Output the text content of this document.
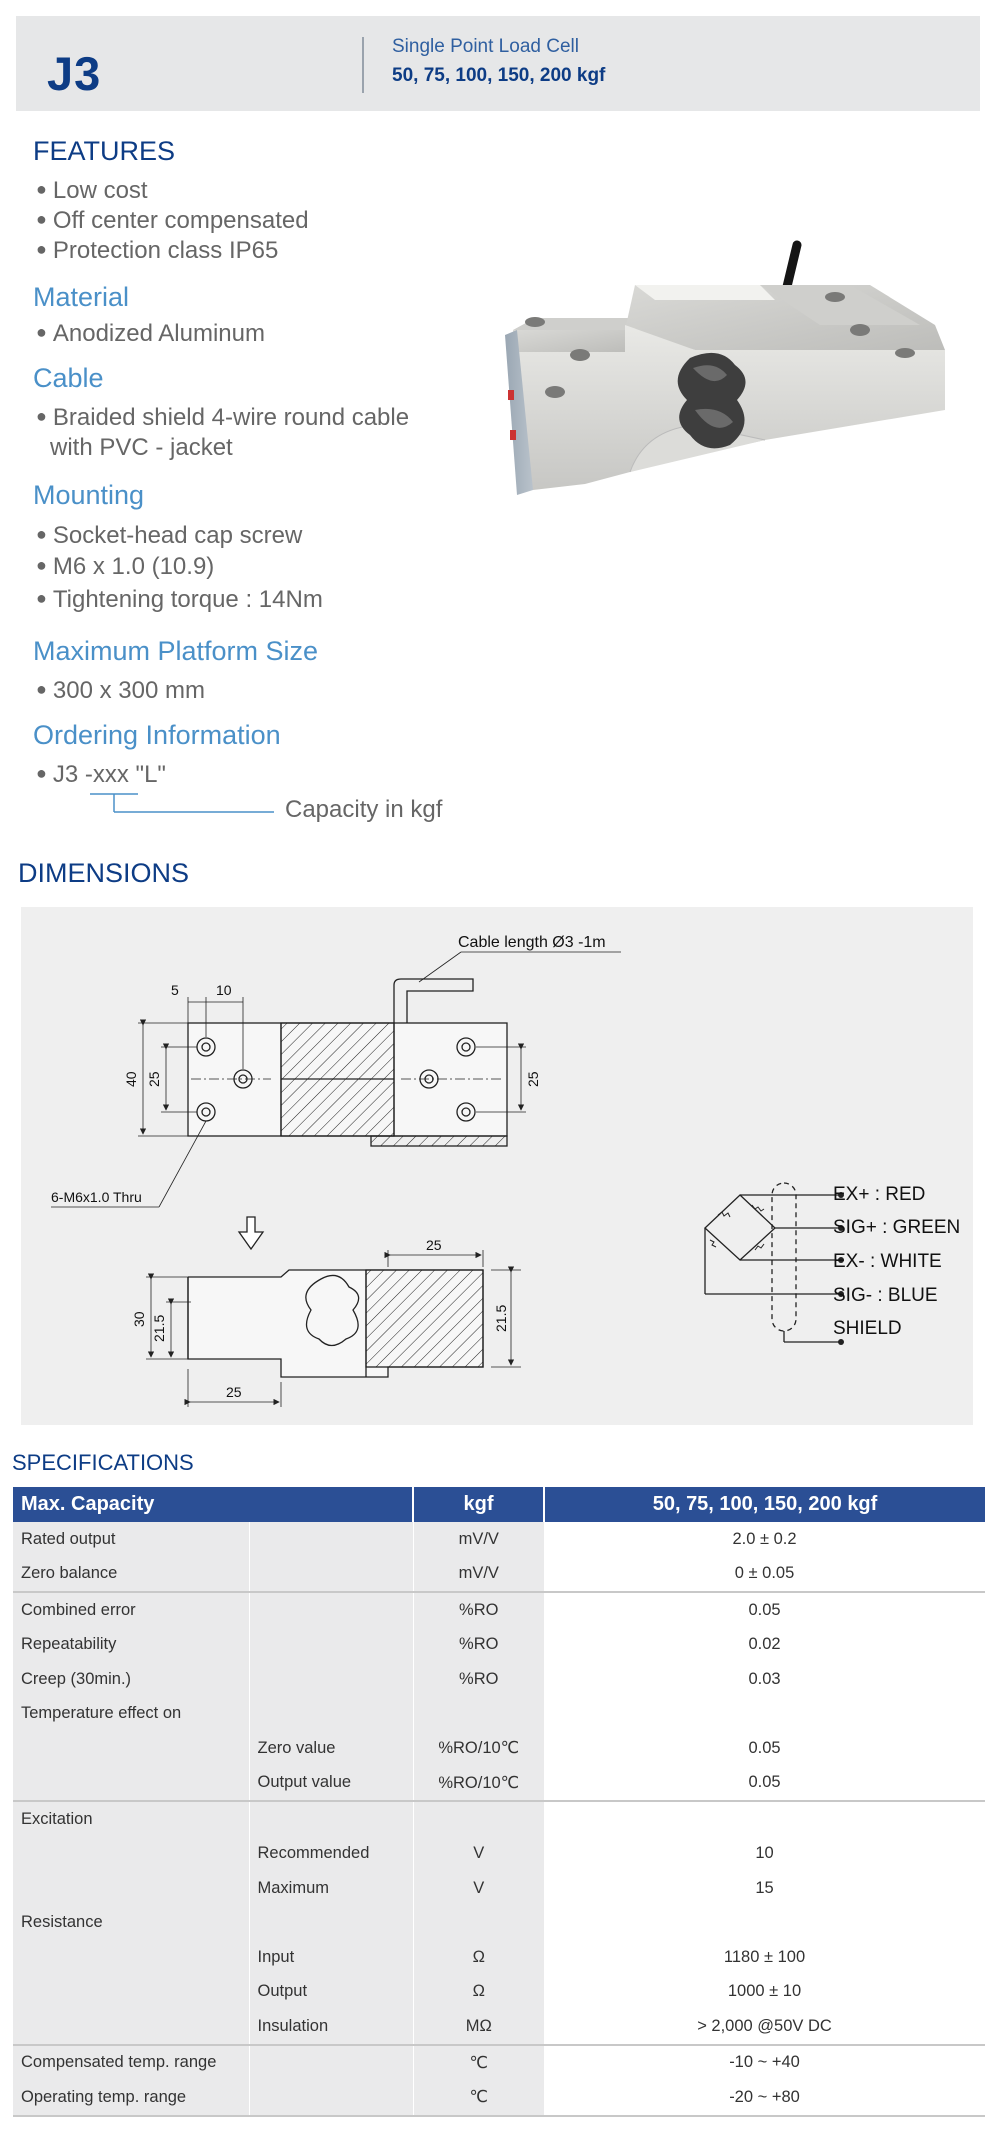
J3
Single Point Load Cell
50, 75, 100, 150, 200 kgf
FEATURES
● Low cost
● Off center compensated
● Protection class IP65
Material
● Anodized Aluminum
Cable
● Braided shield 4-wire round cable
with PVC - jacket
Mounting
● Socket-head cap screw
● M6 x 1.0 (10.9)
● Tightening torque : 14Nm
Maximum Platform Size
● 300 x 300 mm
Ordering Information
● J3 -xxx "L"
Capacity in kgf
DIMENSIONS
Cable length Ø3 -1m
6-M6x1.0 Thru
5	10
40 25	25
25
30 21.5	21.5
25
EX+ : RED
SIG+ : GREEN
EX- : WHITE
SIG- : BLUE
SHIELD
SPECIFICATIONS
Max. Capacity		kgf	50, 75, 100, 150, 200 kgf
Rated output		mV/V	2.0 ± 0.2
Zero balance		mV/V	0 ± 0.05
Combined error		%RO	0.05
Repeatability		%RO	0.02
Creep (30min.)		%RO	0.03
Temperature effect on			
	Zero value	%RO/10℃	0.05
	Output value	%RO/10℃	0.05
Excitation			
	Recommended	V	10
	Maximum	V	15
Resistance			
	Input	Ω	1180 ± 100
	Output	Ω	1000 ± 10
	Insulation	MΩ	> 2,000 @50V DC
Compensated temp. range		℃	-10 ~ +40
Operating temp. range		℃	-20 ~ +80
